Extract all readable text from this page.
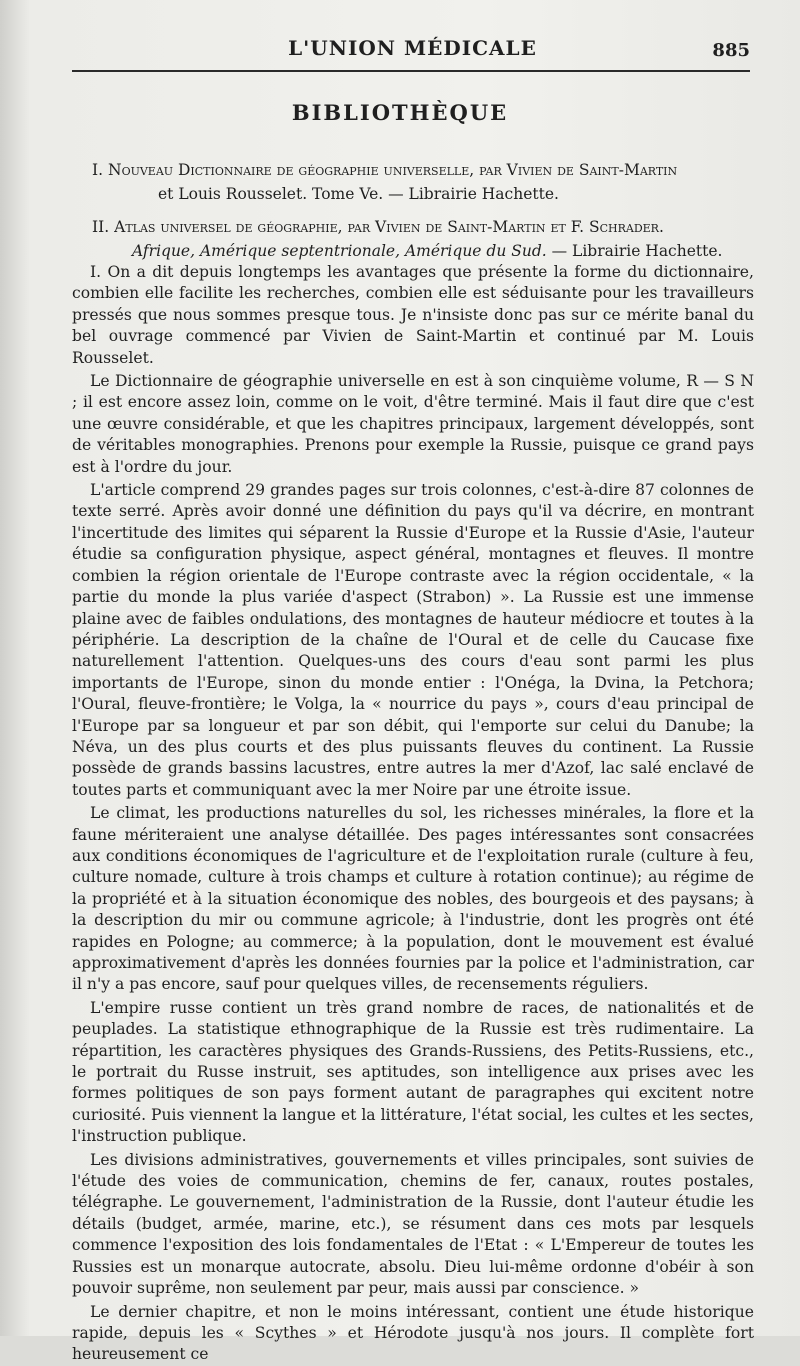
L'UNION MÉDICALE	885
BIBLIOTHÈQUE
I. Nouveau Dictionnaire de géographie universelle, par Vivien de Saint-Martin
et Louis Rousselet. Tome Ve. — Librairie Hachette.
II. Atlas universel de géographie, par Vivien de Saint-Martin et F. Schrader.
Afrique, Amérique septentrionale, Amérique du Sud. — Librairie Hachette.

I. On a dit depuis longtemps les avantages que présente la forme du dictionnaire, combien elle facilite les recherches, combien elle est séduisante pour les travailleurs pressés que nous sommes presque tous. Je n'insiste donc pas sur ce mérite banal du bel ouvrage commencé par Vivien de Saint-Martin et continué par M. Louis Rousselet.

Le Dictionnaire de géographie universelle en est à son cinquième volume, R — S N ; il est encore assez loin, comme on le voit, d'être terminé. Mais il faut dire que c'est une œuvre considérable, et que les chapitres principaux, largement développés, sont de véritables monographies. Prenons pour exemple la Russie, puisque ce grand pays est à l'ordre du jour.

L'article comprend 29 grandes pages sur trois colonnes, c'est-à-dire 87 colonnes de texte serré. Après avoir donné une définition du pays qu'il va décrire, en montrant l'incertitude des limites qui séparent la Russie d'Europe et la Russie d'Asie, l'auteur étudie sa configuration physique, aspect général, montagnes et fleuves. Il montre combien la région orientale de l'Europe contraste avec la région occidentale, « la partie du monde la plus variée d'aspect (Strabon) ». La Russie est une immense plaine avec de faibles ondulations, des montagnes de hauteur médiocre et toutes à la périphérie. La description de la chaîne de l'Oural et de celle du Caucase fixe naturellement l'attention. Quelques-uns des cours d'eau sont parmi les plus importants de l'Europe, sinon du monde entier : l'Onéga, la Dvina, la Petchora; l'Oural, fleuve-frontière; le Volga, la « nourrice du pays », cours d'eau principal de l'Europe par sa longueur et par son débit, qui l'emporte sur celui du Danube; la Néva, un des plus courts et des plus puissants fleuves du continent. La Russie possède de grands bassins lacustres, entre autres la mer d'Azof, lac salé enclavé de toutes parts et communiquant avec la mer Noire par une étroite issue.

Le climat, les productions naturelles du sol, les richesses minérales, la flore et la faune mériteraient une analyse détaillée. Des pages intéressantes sont consacrées aux conditions économiques de l'agriculture et de l'exploitation rurale (culture à feu, culture nomade, culture à trois champs et culture à rotation continue); au régime de la propriété et à la situation économique des nobles, des bourgeois et des paysans; à la description du mir ou commune agricole; à l'industrie, dont les progrès ont été rapides en Pologne; au commerce; à la population, dont le mouvement est évalué approximativement d'après les données fournies par la police et l'administration, car il n'y a pas encore, sauf pour quelques villes, de recensements réguliers.

L'empire russe contient un très grand nombre de races, de nationalités et de peuplades. La statistique ethnographique de la Russie est très rudimentaire. La répartition, les caractères physiques des Grands-Russiens, des Petits-Russiens, etc., le portrait du Russe instruit, ses aptitudes, son intelligence aux prises avec les formes politiques de son pays forment autant de paragraphes qui excitent notre curiosité. Puis viennent la langue et la littérature, l'état social, les cultes et les sectes, l'instruction publique.

Les divisions administratives, gouvernements et villes principales, sont suivies de l'étude des voies de communication, chemins de fer, canaux, routes postales, télégraphe. Le gouvernement, l'administration de la Russie, dont l'auteur étudie les détails (budget, armée, marine, etc.), se résument dans ces mots par lesquels commence l'exposition des lois fondamentales de l'Etat : « L'Empereur de toutes les Russies est un monarque autocrate, absolu. Dieu lui-même ordonne d'obéir à son pouvoir suprême, non seulement par peur, mais aussi par conscience. »

Le dernier chapitre, et non le moins intéressant, contient une étude historique rapide, depuis les « Scythes » et Hérodote jusqu'à nos jours. Il complète fort heureusement ce
